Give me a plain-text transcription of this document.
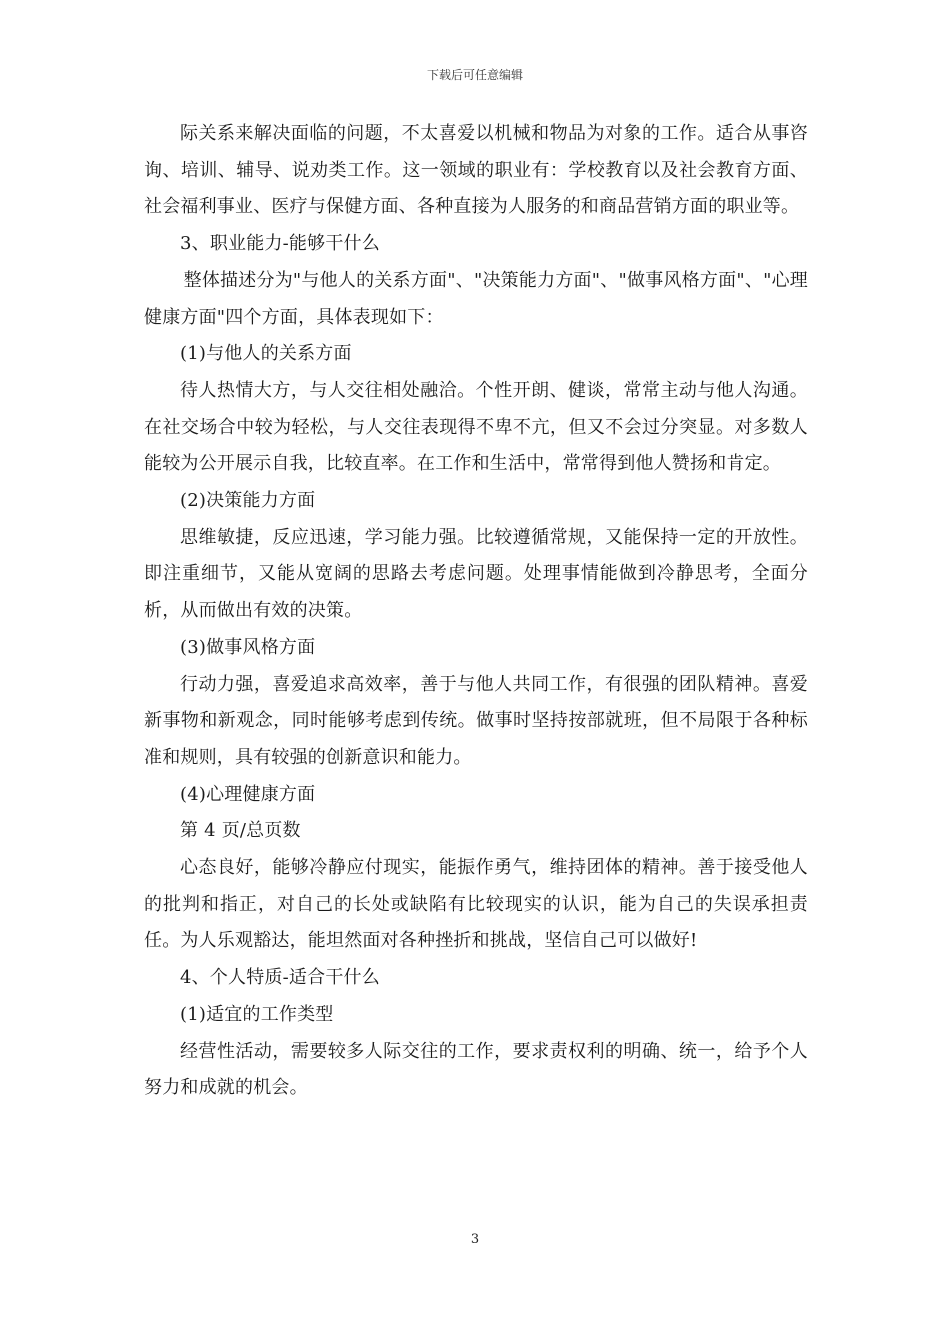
下载后可任意编辑

际关系来解决面临的问题，不太喜爱以机械和物品为对象的工作。适合从事咨询、培训、辅导、说劝类工作。这一领域的职业有：学校教育以及社会教育方面、社会福利事业、医疗与保健方面、各种直接为人服务的和商品营销方面的职业等。

3、职业能力-能够干什么

整体描述分为"与他人的关系方面"、"决策能力方面"、"做事风格方面"、"心理健康方面"四个方面，具体表现如下：

(1)与他人的关系方面

待人热情大方，与人交往相处融洽。个性开朗、健谈，常常主动与他人沟通。在社交场合中较为轻松，与人交往表现得不卑不亢，但又不会过分突显。对多数人能较为公开展示自我，比较直率。在工作和生活中，常常得到他人赞扬和肯定。

(2)决策能力方面

思维敏捷，反应迅速，学习能力强。比较遵循常规，又能保持一定的开放性。即注重细节，又能从宽阔的思路去考虑问题。处理事情能做到冷静思考，全面分析，从而做出有效的决策。

(3)做事风格方面

行动力强，喜爱追求高效率，善于与他人共同工作，有很强的团队精神。喜爱新事物和新观念，同时能够考虑到传统。做事时坚持按部就班，但不局限于各种标准和规则，具有较强的创新意识和能力。

(4)心理健康方面

第 4 页/总页数

心态良好，能够冷静应付现实，能振作勇气，维持团体的精神。善于接受他人的批判和指正，对自己的长处或缺陷有比较现实的认识，能为自己的失误承担责任。为人乐观豁达，能坦然面对各种挫折和挑战，坚信自己可以做好!

4、个人特质-适合干什么

(1)适宜的工作类型

经营性活动，需要较多人际交往的工作，要求责权利的明确、统一，给予个人努力和成就的机会。

3
